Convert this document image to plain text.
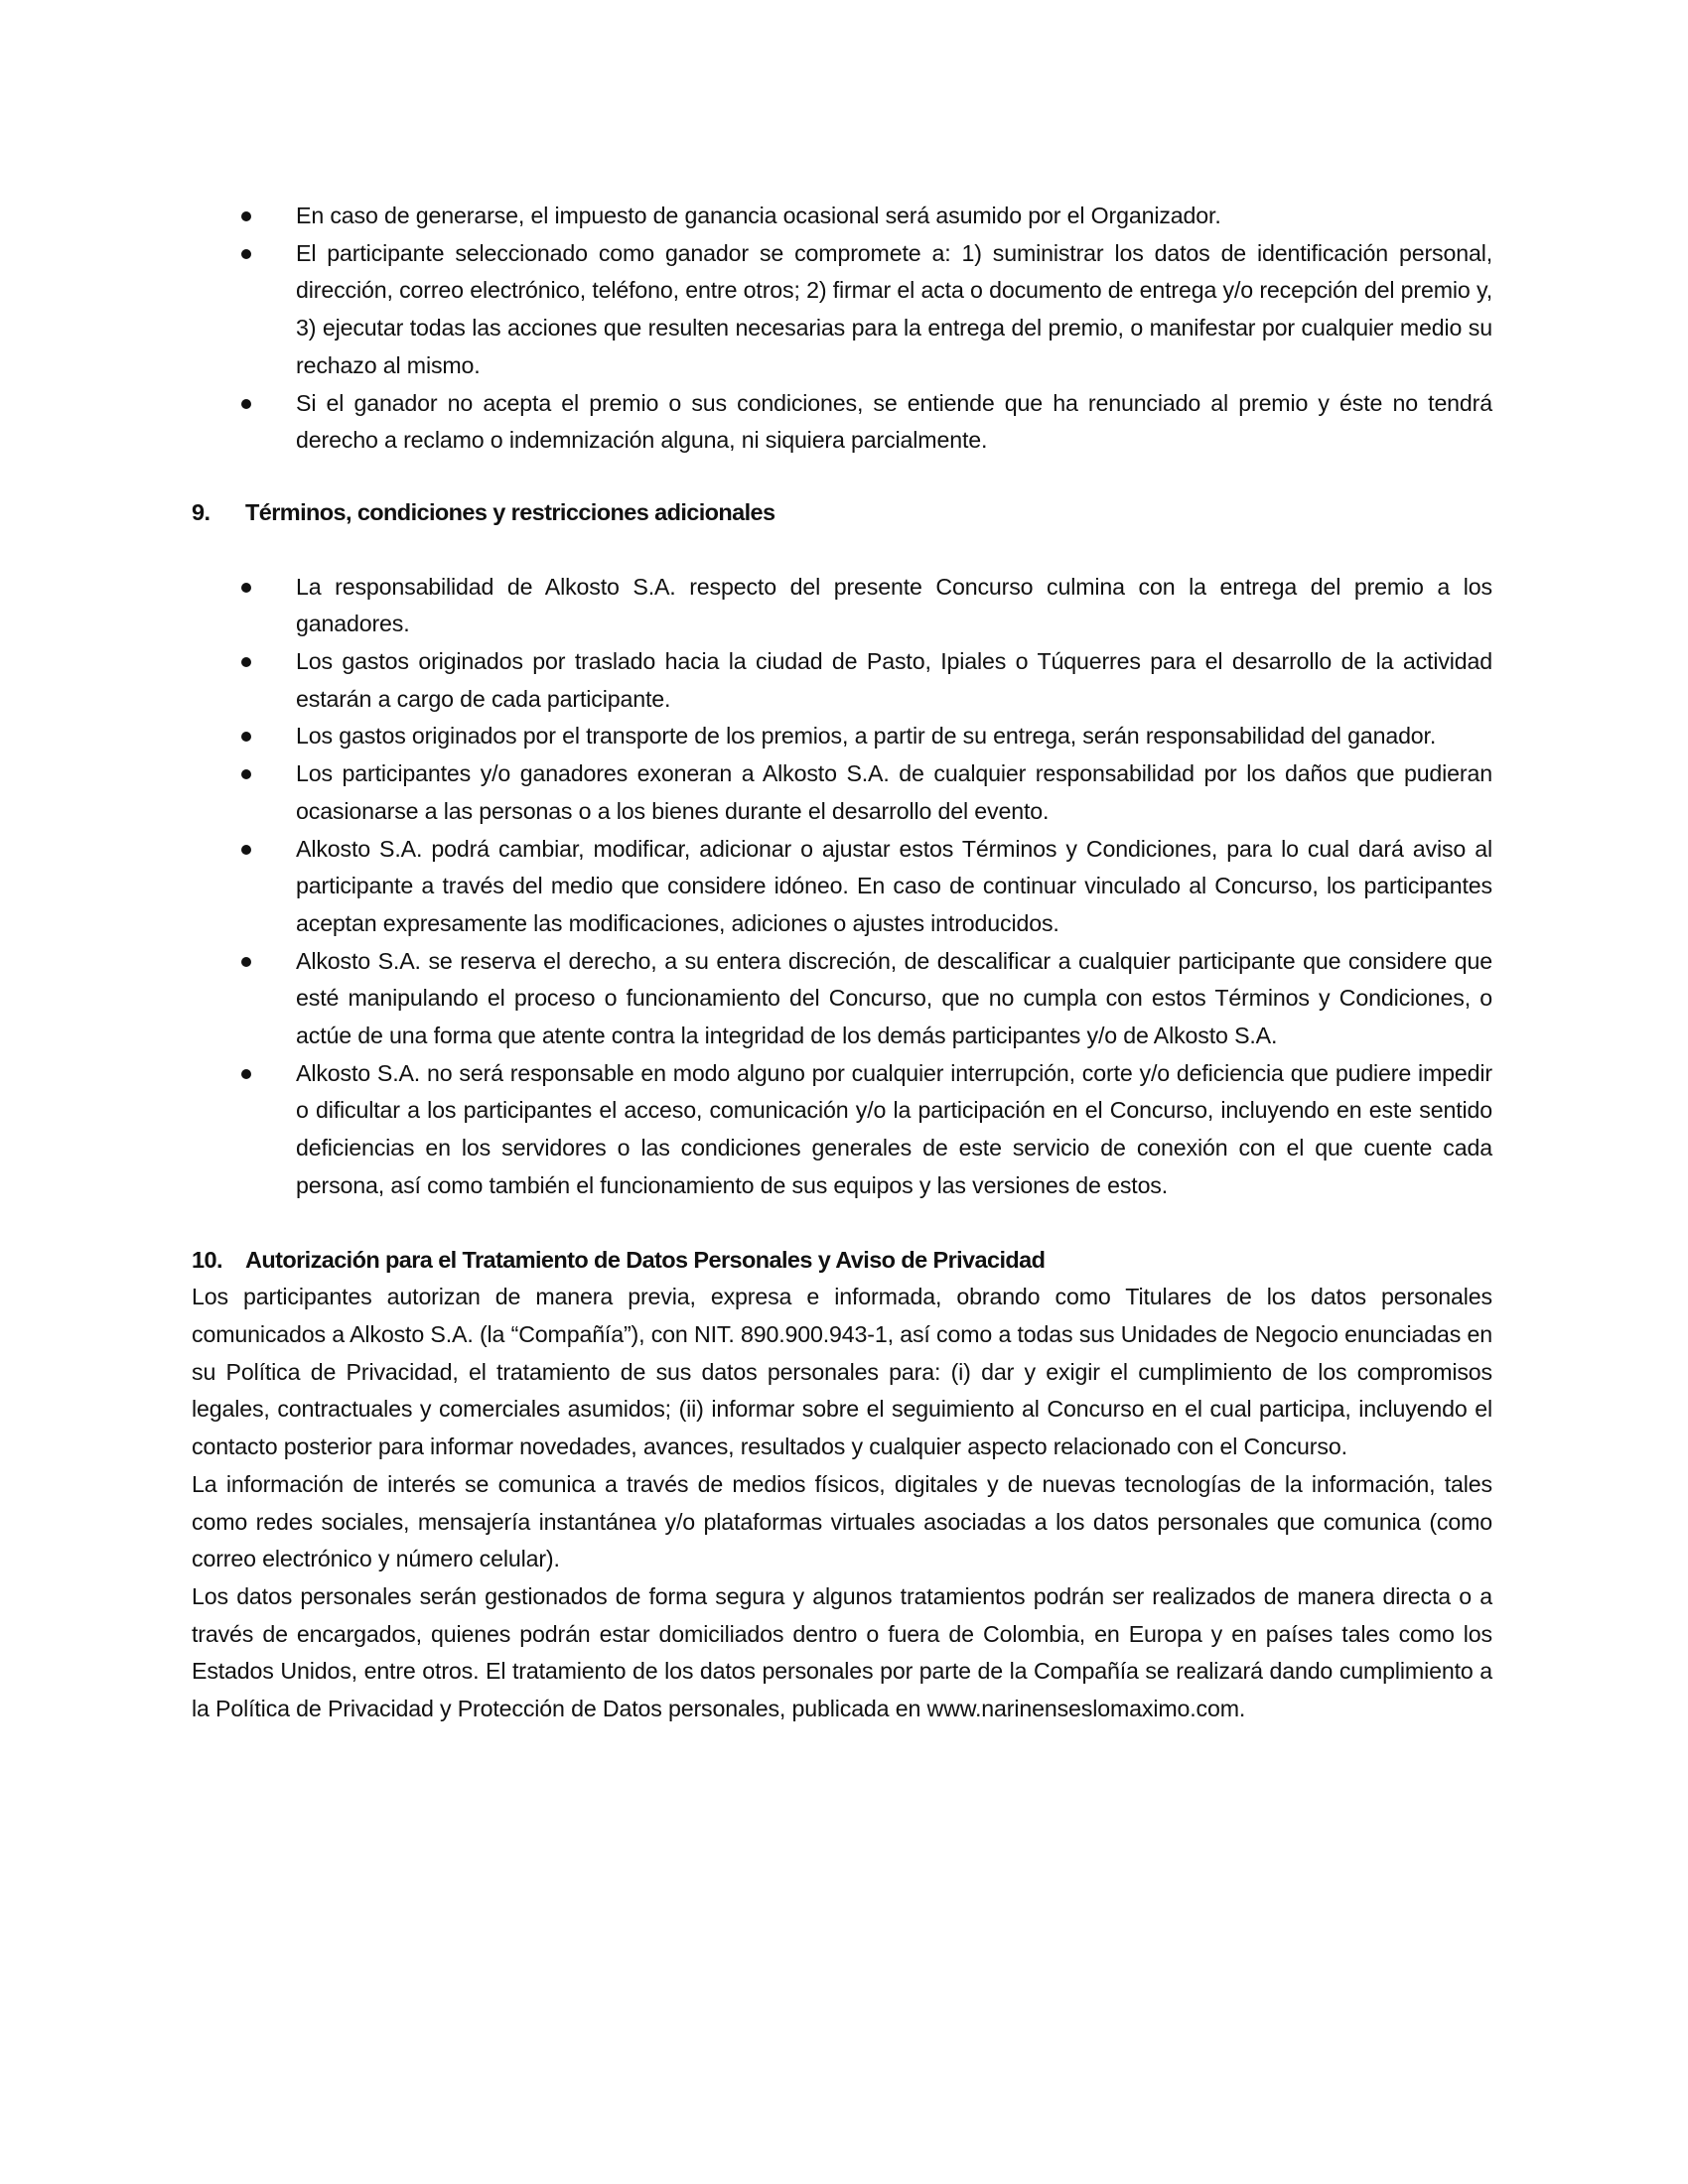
En caso de generarse, el impuesto de ganancia ocasional será asumido por el Organizador.
El participante seleccionado como ganador se compromete a: 1) suministrar los datos de identificación personal, dirección, correo electrónico, teléfono, entre otros; 2) firmar el acta o documento de entrega y/o recepción del premio y, 3) ejecutar todas las acciones que resulten necesarias para la entrega del premio, o manifestar por cualquier medio su rechazo al mismo.
Si el ganador no acepta el premio o sus condiciones, se entiende que ha renunciado al premio y éste no tendrá derecho a reclamo o indemnización alguna, ni siquiera parcialmente.
9.	Términos, condiciones y restricciones adicionales
La responsabilidad de Alkosto S.A. respecto del presente Concurso culmina con la entrega del premio a los ganadores.
Los gastos originados por traslado hacia la ciudad de Pasto, Ipiales o Túquerres para el desarrollo de la actividad estarán a cargo de cada participante.
Los gastos originados por el transporte de los premios, a partir de su entrega, serán responsabilidad del ganador.
Los participantes y/o ganadores exoneran a Alkosto S.A. de cualquier responsabilidad por los daños que pudieran ocasionarse a las personas o a los bienes durante el desarrollo del evento.
Alkosto S.A. podrá cambiar, modificar, adicionar o ajustar estos Términos y Condiciones, para lo cual dará aviso al participante a través del medio que considere idóneo. En caso de continuar vinculado al Concurso, los participantes aceptan expresamente las modificaciones, adiciones o ajustes introducidos.
Alkosto S.A. se reserva el derecho, a su entera discreción, de descalificar a cualquier participante que considere que esté manipulando el proceso o funcionamiento del Concurso, que no cumpla con estos Términos y Condiciones, o actúe de una forma que atente contra la integridad de los demás participantes y/o de Alkosto S.A.
Alkosto S.A. no será responsable en modo alguno por cualquier interrupción, corte y/o deficiencia que pudiere impedir o dificultar a los participantes el acceso, comunicación y/o la participación en el Concurso, incluyendo en este sentido deficiencias en los servidores o las condiciones generales de este servicio de conexión con el que cuente cada persona, así como también el funcionamiento de sus equipos y las versiones de estos.
10. Autorización para el Tratamiento de Datos Personales y Aviso de Privacidad

Los participantes autorizan de manera previa, expresa e informada, obrando como Titulares de los datos personales comunicados a Alkosto S.A. (la “Compañía”), con NIT. 890.900.943-1, así como a todas sus Unidades de Negocio enunciadas en su Política de Privacidad, el tratamiento de sus datos personales para: (i) dar y exigir el cumplimiento de los compromisos legales, contractuales y comerciales asumidos; (ii) informar sobre el seguimiento al Concurso en el cual participa, incluyendo el contacto posterior para informar novedades, avances, resultados y cualquier aspecto relacionado con el Concurso.

La información de interés se comunica a través de medios físicos, digitales y de nuevas tecnologías de la información, tales como redes sociales, mensajería instantánea y/o plataformas virtuales asociadas a los datos personales que comunica (como correo electrónico y número celular).

Los datos personales serán gestionados de forma segura y algunos tratamientos podrán ser realizados de manera directa o a través de encargados, quienes podrán estar domiciliados dentro o fuera de Colombia, en Europa y en países tales como los Estados Unidos, entre otros. El tratamiento de los datos personales por parte de la Compañía se realizará dando cumplimiento a la Política de Privacidad y Protección de Datos personales, publicada en www.narinenseslomaximo.com.
